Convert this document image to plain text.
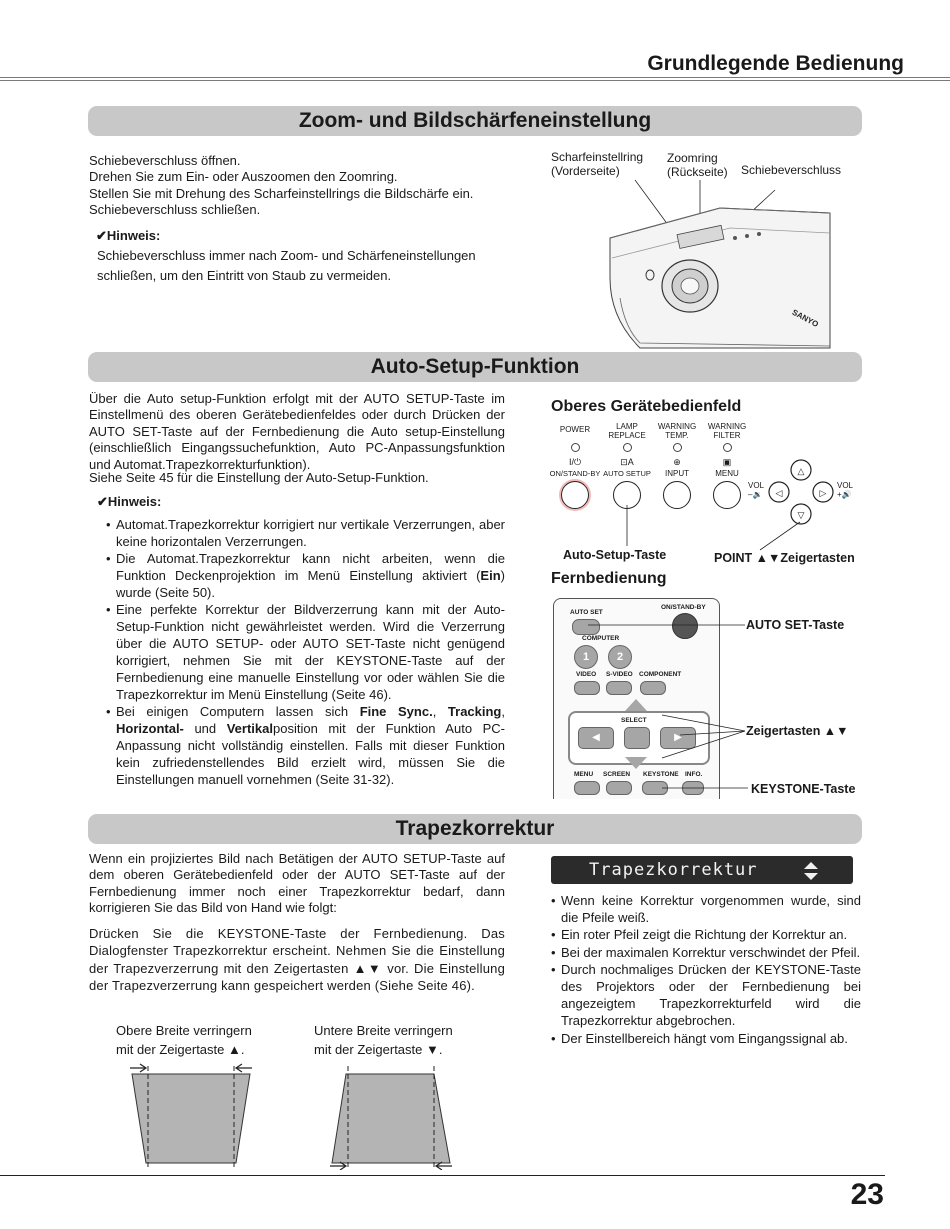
Grundlegende Bedienung
Zoom- und Bildschärfeneinstellung
Schiebeverschluss öffnen.
Drehen Sie zum Ein- oder Auszoomen den Zoomring.
Stellen Sie mit Drehung des Scharfeinstellrings die Bildschärfe ein.
Schiebeverschluss schließen.
✔Hinweis:
Schiebeverschluss immer nach Zoom- und Schärfeneinstellungen schließen, um den Eintritt von Staub zu vermeiden.
Scharfeinstellring
(Vorderseite)
Zoomring
(Rückseite) Schiebeverschluss
SANYO
Auto-Setup-Funktion
Über die Auto setup-Funktion erfolgt mit der AUTO SETUP-Taste im Einstellmenü des oberen Gerätebedienfeldes oder durch Drücken der AUTO SET-Taste auf der Fernbedienung die Auto setup-Einstellung (einschließlich Eingangssuchefunktion, Auto PC-Anpassungsfunktion und Automat.Trapezkorrekturfunktion).
Siehe Seite 45 für die Einstellung der Auto-Setup-Funktion.
✔Hinweis:
• Automat.Trapezkorrektur korrigiert nur vertikale Verzerrungen, aber keine horizontalen Verzerrungen.
• Die Automat.Trapezkorrektur kann nicht arbeiten, wenn die Funktion Deckenprojektion im Menü Einstellung aktiviert (Ein) wurde (Seite 50).
• Eine perfekte Korrektur der Bildverzerrung kann mit der Auto-Setup-Funktion nicht gewährleistet werden. Wird die Verzerrung über die AUTO SETUP- oder AUTO SET-Taste nicht genügend korrigiert, nehmen Sie mit der KEYSTONE-Taste auf der Fernbedienung eine manuelle Einstellung vor oder wählen Sie die Trapezkorrektur im Menü Einstellung (Seite 46).
• Bei einigen Computern lassen sich Fine Sync., Tracking, Horizontal- und Vertikalposition mit der Funktion Auto PC-Anpassung nicht vollständig einstellen. Falls mit dieser Funktion kein zufriedenstellendes Bild erzielt wird, müssen Sie die Einstellungen manuell vornehmen (Seite 31-32).
Oberes Gerätebedienfeld
POWER	LAMP
REPLACE
WARNING
TEMP.
WARNING
FILTER
I/⏻	⊡A	⊕	▣
ON/STAND-BY AUTO SETUP	INPUT	MENU	△
▽
◁	▷
VOL
–🔉
VOL
+🔊
Auto-Setup-Taste	POINT ▲▼Zeigertasten
Fernbedienung
AUTO SET
ON/STAND-BY
COMPUTER
1	2
VIDEO S-VIDEO COMPONENT
SELECT
◀	▶
MENU SCREEN KEYSTONE INFO.
AUTO SET-Taste
Zeigertasten ▲▼
KEYSTONE-Taste
Trapezkorrektur
Wenn ein projiziertes Bild nach Betätigen der AUTO SETUP-Taste auf dem oberen Gerätebedienfeld oder der AUTO SET-Taste auf der Fernbedienung immer noch einer Trapezkorrektur bedarf, dann korrigieren Sie das Bild von Hand wie folgt:
Drücken Sie die KEYSTONE-Taste der Fernbedienung. Das Dialogfenster Trapezkorrektur erscheint. Nehmen Sie die Einstellung der Trapezverzerrung mit den Zeigertasten ▲▼ vor. Die Einstellung der Trapezverzerrung kann gespeichert werden (Siehe Seite 46).
Obere Breite verringern
mit der Zeigertaste ▲.
Untere Breite verringern
mit der Zeigertaste ▼.
Trapezkorrektur
• Wenn keine Korrektur vorgenommen wurde, sind die Pfeile weiß.
• Ein roter Pfeil zeigt die Richtung der Korrektur an.
• Bei der maximalen Korrektur verschwindet der Pfeil.
• Durch nochmaliges Drücken der KEYSTONE-Taste des Projektors oder der Fernbedienung bei angezeigtem Trapezkorrekturfeld wird die Trapezkorrektur abgebrochen.
• Der Einstellbereich hängt vom Eingangssignal ab.
23
